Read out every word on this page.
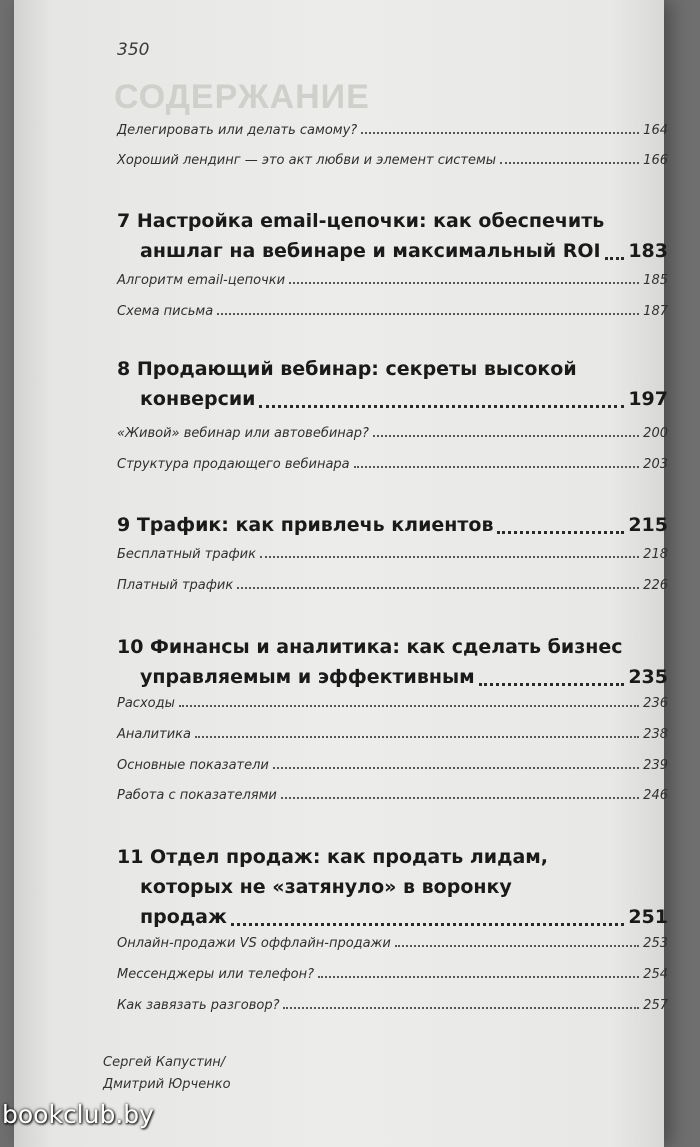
СОДЕРЖАНИЕ
350
Делегировать или делать самому?	164
Хороший лендинг — это акт любви и элемент системы	166
7 Настройка email-цепочки: как обеспечить
аншлаг на вебинаре и максимальный ROI 183
Алгоритм email-цепочки	185
Схема письма	187
8 Продающий вебинар: секреты высокой
конверсии	197
«Живой» вебинар или автовебинар?	200
Структура продающего вебинара	203
9 Трафик: как привлечь клиентов	215
Бесплатный трафик	218
Платный трафик	226
10 Финансы и аналитика: как сделать бизнес
управляемым и эффективным	235
Расходы	236
Аналитика	238
Основные показатели	239
Работа с показателями	246
11 Отдел продаж: как продать лидам,
которых не «затянуло» в воронку
продаж	251
Онлайн-продажи VS оффлайн-продажи	253
Мессенджеры или телефон?	254
Как завязать разговор?	257
Сергей Капустин/
Дмитрий Юрченко
bookclub.by
